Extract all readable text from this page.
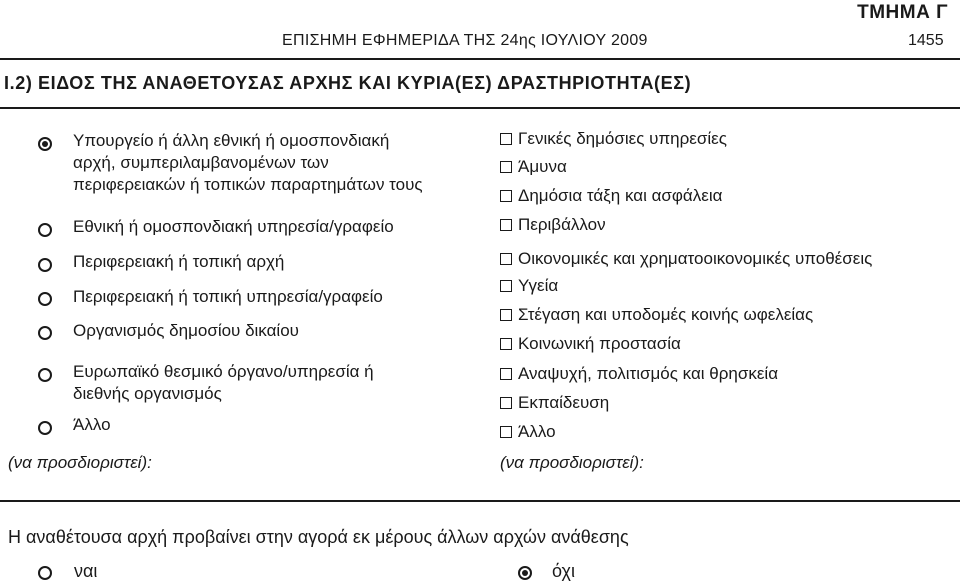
ΤΜΗΜΑ Γ
ΕΠΙΣΗΜΗ ΕΦΗΜΕΡΙΔΑ ΤΗΣ 24ης ΙΟΥΛΙΟΥ 2009	1455
I.2) ΕΙΔΟΣ ΤΗΣ ΑΝΑΘΕΤΟΥΣΑΣ ΑΡΧΗΣ ΚΑΙ ΚΥΡΙΑ(ΕΣ) ΔΡΑΣΤΗΡΙΟΤΗΤΑ(ΕΣ)
Υπουργείο ή άλλη εθνική ή ομοσπονδιακή
αρχή, συμπεριλαμβανομένων των
περιφερειακών ή τοπικών παραρτημάτων τους
Εθνική ή ομοσπονδιακή υπηρεσία/γραφείο
Περιφερειακή ή τοπική αρχή
Περιφερειακή ή τοπική υπηρεσία/γραφείο
Οργανισμός δημοσίου δικαίου
Ευρωπαϊκό θεσμικό όργανο/υπηρεσία ή
διεθνής οργανισμός
Άλλο
(να προσδιοριστεί):
Γενικές δημόσιες υπηρεσίες
Άμυνα
Δημόσια τάξη και ασφάλεια
Περιβάλλον
Οικονομικές και χρηματοοικονομικές υποθέσεις
Υγεία
Στέγαση και υποδομές κοινής ωφελείας
Κοινωνική προστασία
Αναψυχή, πολιτισμός και θρησκεία
Εκπαίδευση
Άλλο
(να προσδιοριστεί):
Η αναθέτουσα αρχή προβαίνει στην αγορά εκ μέρους άλλων αρχών ανάθεσης
ναι	όχι
